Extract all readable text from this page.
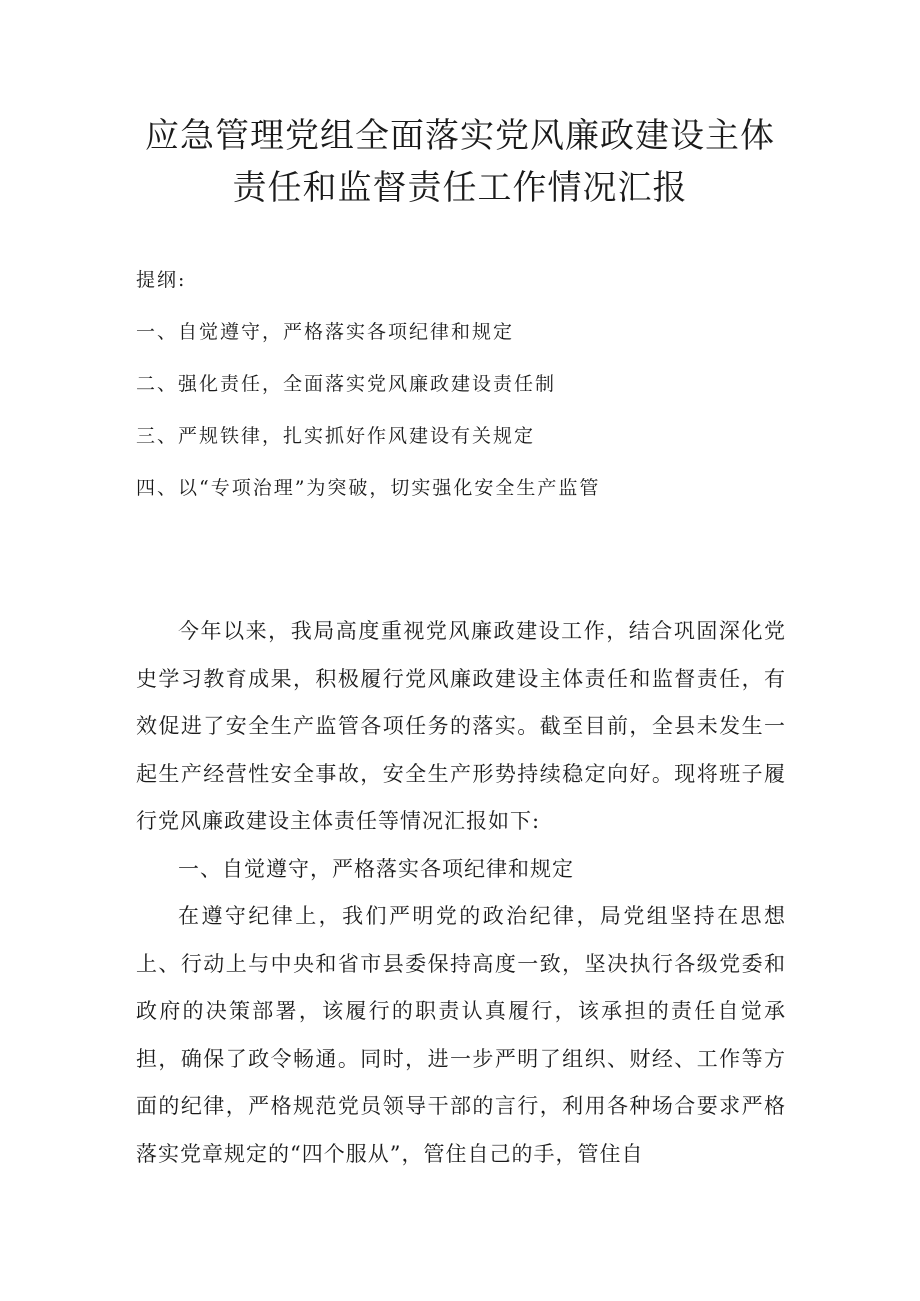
应急管理党组全面落实党风廉政建设主体
责任和监督责任工作情况汇报
提纲:
一、自觉遵守，严格落实各项纪律和规定
二、强化责任，全面落实党风廉政建设责任制
三、严规铁律，扎实抓好作风建设有关规定
四、以“专项治理”为突破，切实强化安全生产监管

今年以来，我局高度重视党风廉政建设工作，结合巩固深化党史学习教育成果，积极履行党风廉政建设主体责任和监督责任，有效促进了安全生产监管各项任务的落实。截至目前，全县未发生一起生产经营性安全事故，安全生产形势持续稳定向好。现将班子履行党风廉政建设主体责任等情况汇报如下:

一、自觉遵守，严格落实各项纪律和规定

在遵守纪律上，我们严明党的政治纪律，局党组坚持在思想上、行动上与中央和省市县委保持高度一致，坚决执行各级党委和政府的决策部署，该履行的职责认真履行，该承担的责任自觉承担，确保了政令畅通。同时，进一步严明了组织、财经、工作等方面的纪律，严格规范党员领导干部的言行，利用各种场合要求严格落实党章规定的“四个服从”，管住自己的手，管住自
